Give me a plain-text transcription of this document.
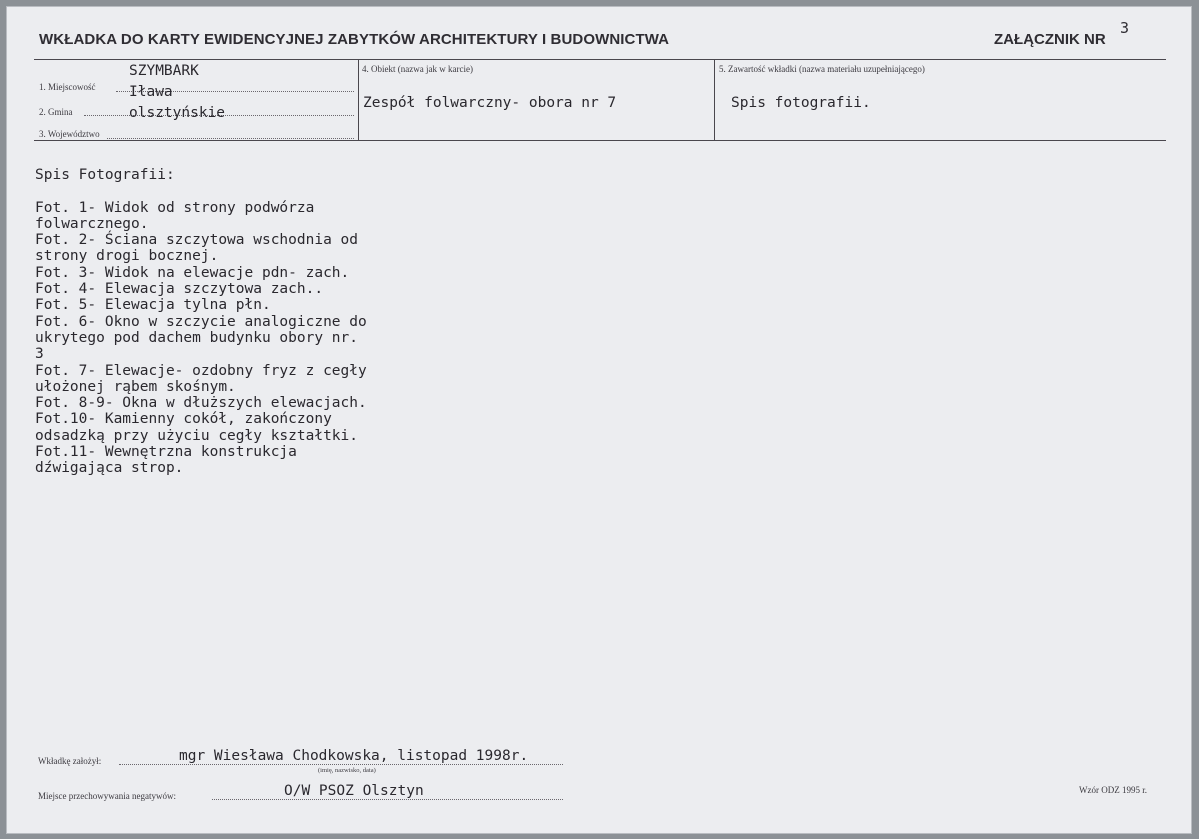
WKŁADKA DO KARTY EWIDENCYJNEJ ZABYTKÓW ARCHITEKTURY I BUDOWNICTWA	ZAŁĄCZNIK NR
3
1. Miejscowość
SZYMBARK
2. Gmina
Iława
3. Województwo
olsztyńskie
4. Obiekt (nazwa jak w karcie)
Zespół folwarczny- obora nr 7
5. Zawartość wkładki (nazwa materiału uzupełniającego)
Spis fotografii.
Spis Fotografii:
Fot. 1- Widok od strony podwórza
folwarcznego.
Fot. 2- Ściana szczytowa wschodnia od
strony drogi bocznej.
Fot. 3- Widok na elewacje pdn- zach.
Fot. 4- Elewacja szczytowa zach..
Fot. 5- Elewacja tylna płn.
Fot. 6- Okno w szczycie analogiczne do
ukrytego pod dachem budynku obory nr.
3
Fot. 7- Elewacje- ozdobny fryz z cegły
ułożonej rąbem skośnym.
Fot. 8-9- Okna w dłuższych elewacjach.
Fot.10- Kamienny cokół, zakończony
odsadzką przy użyciu cegły kształtki.
Fot.11- Wewnętrzna konstrukcja
dźwigająca strop.
Wkładkę założył:	mgr Wiesława Chodkowska, listopad 1998r.
(imię, nazwisko, data)
Miejsce przechowywania negatywów:	O/W PSOZ Olsztyn	Wzór ODZ 1995 r.
